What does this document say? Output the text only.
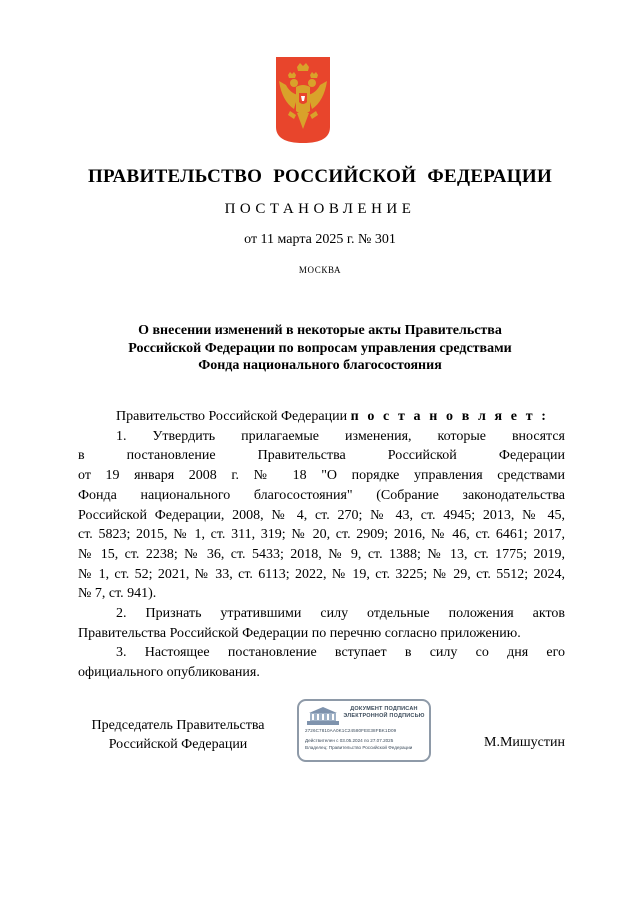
ПРАВИТЕЛЬСТВО РОССИЙСКОЙ ФЕДЕРАЦИИ
ПОСТАНОВЛЕНИЕ
от 11 марта 2025 г. № 301
МОСКВА
О внесении изменений в некоторые акты Правительства
Российской Федерации по вопросам управления средствами
Фонда национального благосостояния
Правительство Российской Федерации п о с т а н о в л я е т :
1. Утвердить прилагаемые изменения, которые вносятся
в постановление Правительства Российской Федерации
от 19 января 2008 г. № 18 "О порядке управления средствами
Фонда национального благосостояния" (Собрание законодательства
Российской Федерации, 2008, № 4, ст. 270; № 43, ст. 4945; 2013, № 45,
ст. 5823; 2015, № 1, ст. 311, 319; № 20, ст. 2909; 2016, № 46, ст. 6461; 2017,
№ 15, ст. 2238; № 36, ст. 5433; 2018, № 9, ст. 1388; № 13, ст. 1775; 2019,
№ 1, ст. 52; 2021, № 33, ст. 6113; 2022, № 19, ст. 3225; № 29, ст. 5512; 2024,
№ 7, ст. 941).
2. Признать утратившими силу отдельные положения актов
Правительства Российской Федерации по перечню согласно приложению.
3. Настоящее постановление вступает в силу со дня его
официального опубликования.
Председатель Правительства
Российской Федерации
ДОКУМЕНТ ПОДПИСАН
ЭЛЕКТРОННОЙ ПОДПИСЬЮ
2726C7810AA0K1C24580FEE38FBK1D09
Действителен с 03.05.2024 по 27.07.2025
Владелец: Правительство Российской Федерации	М.Мишустин
